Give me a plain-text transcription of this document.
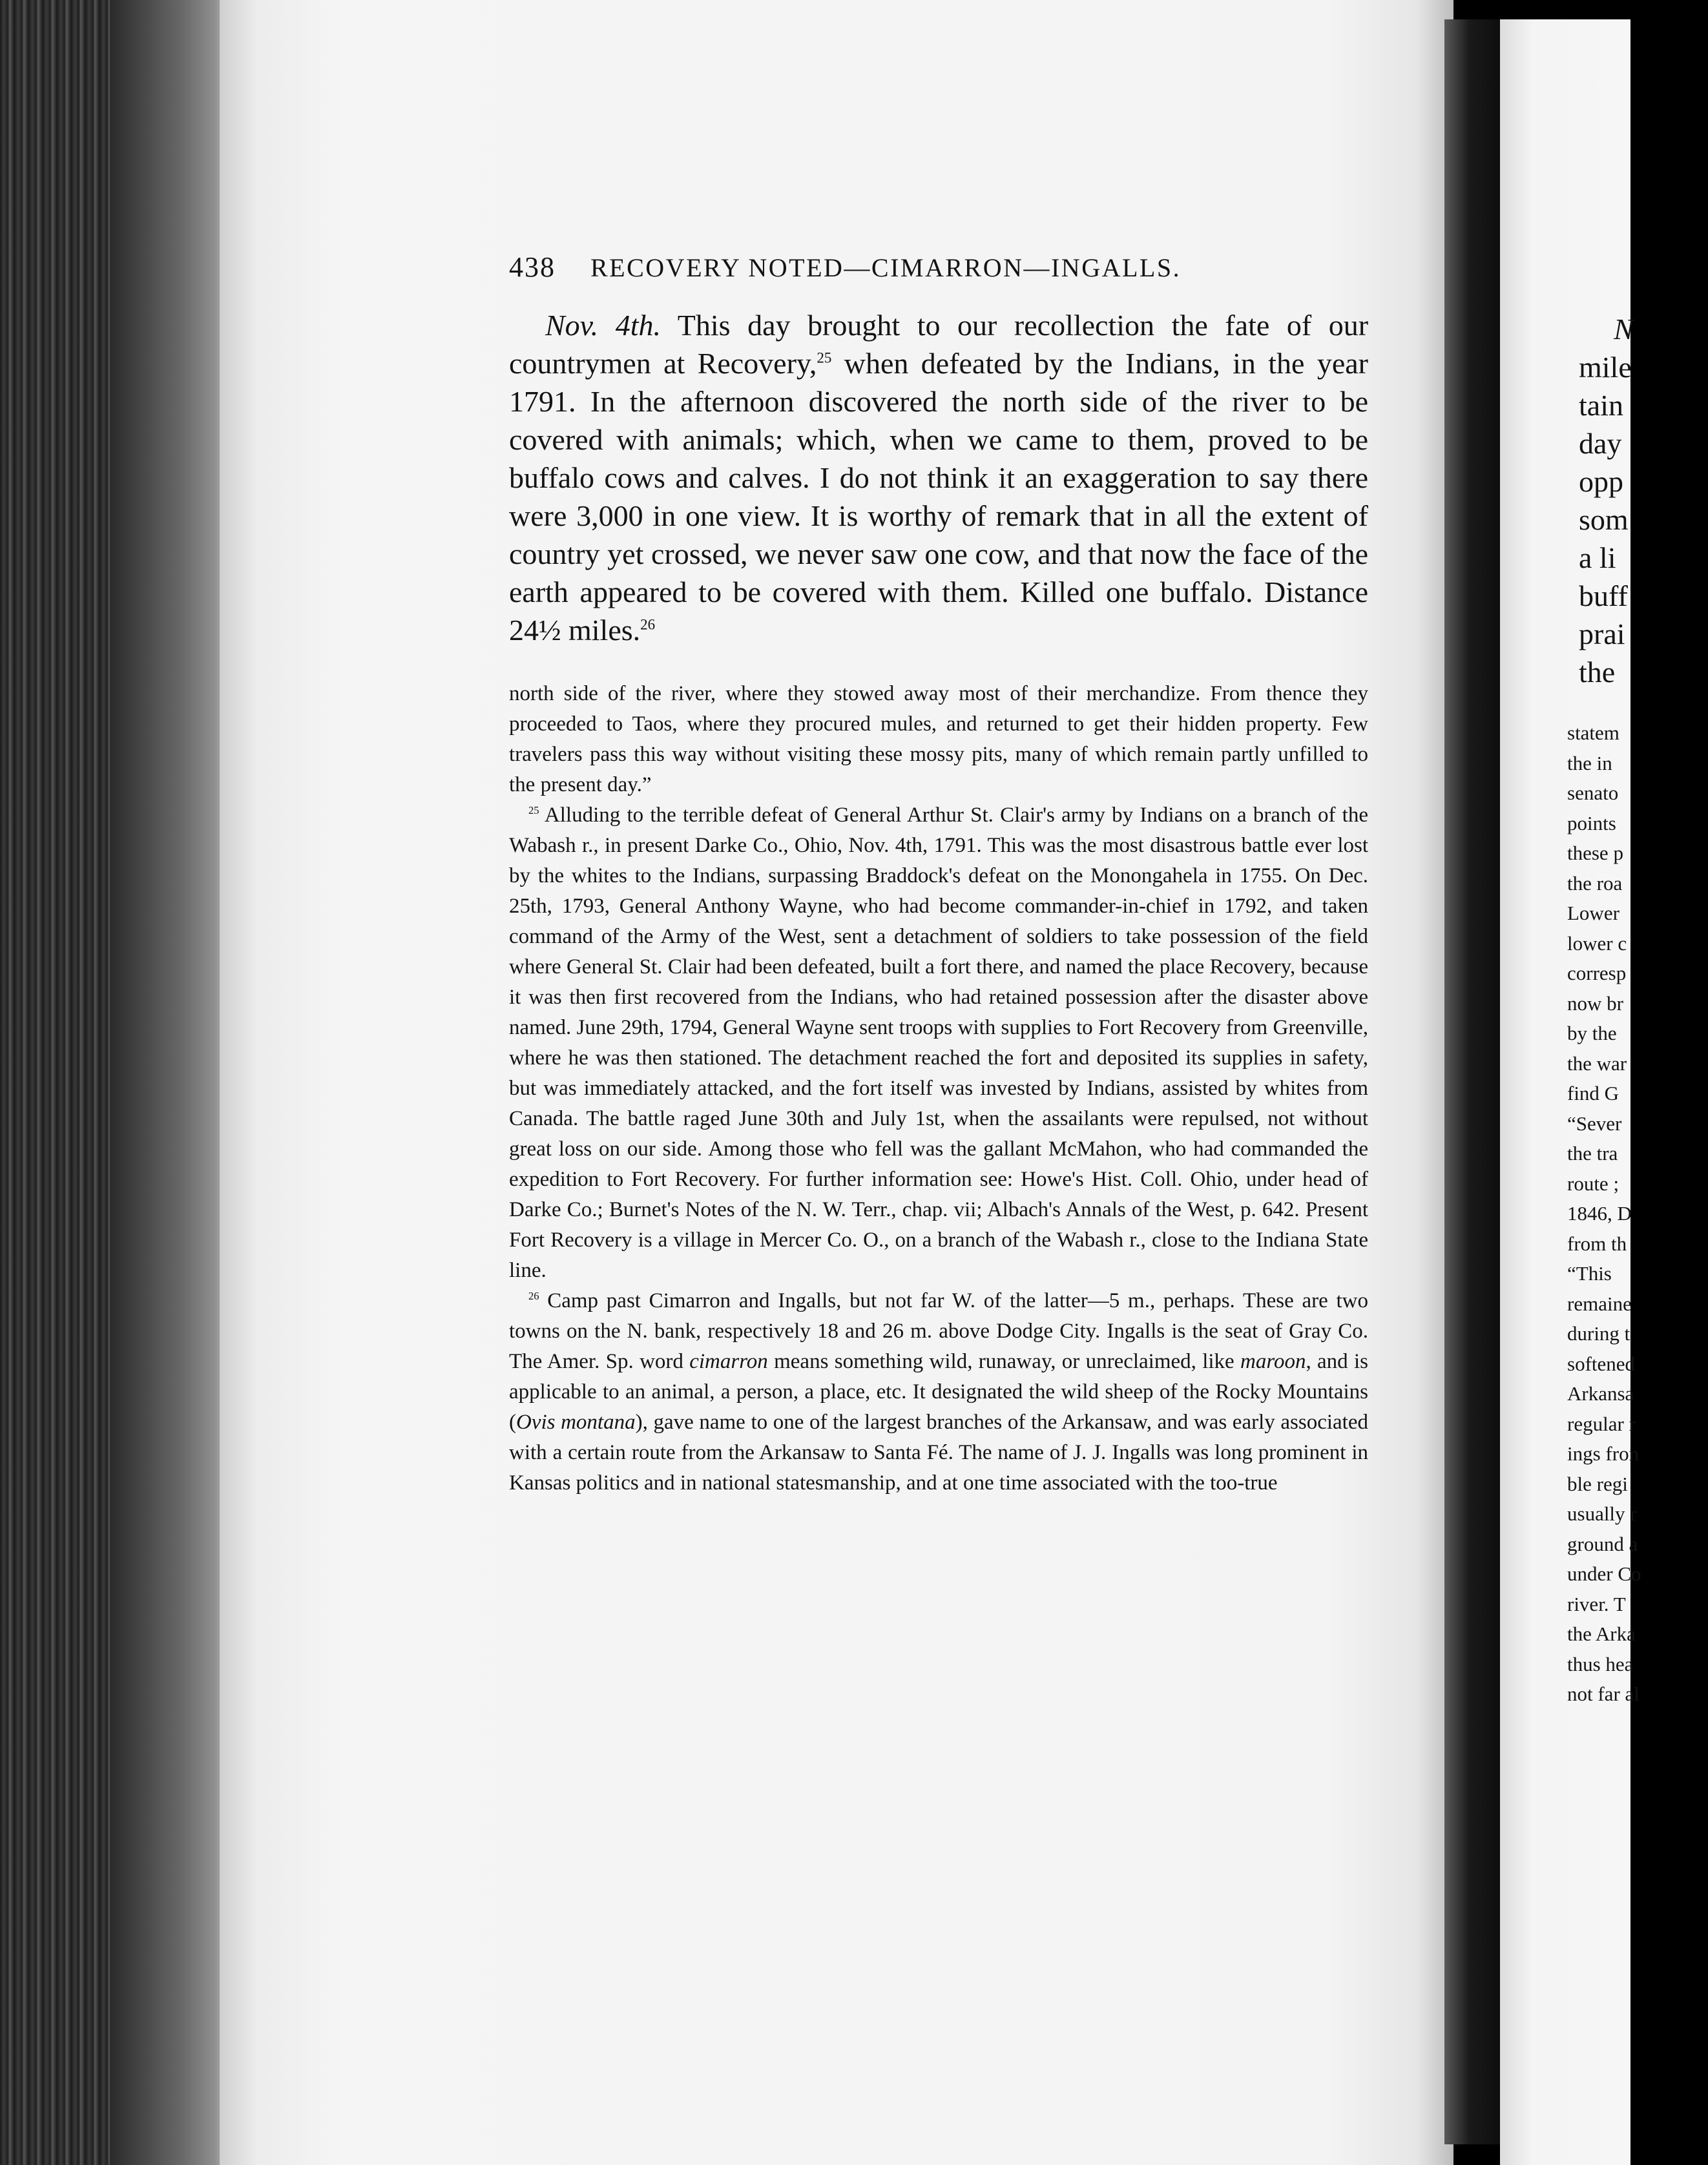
438 RECOVERY NOTED—CIMARRON—INGALLS.

Nov. 4th. This day brought to our recollection the fate of our countrymen at Recovery,$^{25}$ when defeated by the Indians, in the year 1791. In the afternoon discovered the north side of the river to be covered with animals; which, when we came to them, proved to be buffalo cows and calves. I do not think it an exaggeration to say there were 3,000 in one view. It is worthy of remark that in all the extent of country yet crossed, we never saw one cow, and that now the face of the earth appeared to be covered with them. Killed one buffalo. Distance 24½ miles.$^{26}$

north side of the river, where they stowed away most of their merchandize. From thence they proceeded to Taos, where they procured mules, and returned to get their hidden property. Few travelers pass this way without visiting these mossy pits, many of which remain partly unfilled to the present day.”

$^{25}$ Alluding to the terrible defeat of General Arthur St. Clair's army by Indians on a branch of the Wabash r., in present Darke Co., Ohio, Nov. 4th, 1791. This was the most disastrous battle ever lost by the whites to the Indians, surpassing Braddock's defeat on the Monongahela in 1755. On Dec. 25th, 1793, General Anthony Wayne, who had become commander-in-chief in 1792, and taken command of the Army of the West, sent a detachment of soldiers to take possession of the field where General St. Clair had been defeated, built a fort there, and named the place Recovery, because it was then first recovered from the Indians, who had retained possession after the disaster above named. June 29th, 1794, General Wayne sent troops with supplies to Fort Recovery from Greenville, where he was then stationed. The detachment reached the fort and deposited its supplies in safety, but was immediately attacked, and the fort itself was invested by Indians, assisted by whites from Canada. The battle raged June 30th and July 1st, when the assailants were repulsed, not without great loss on our side. Among those who fell was the gallant McMahon, who had commanded the expedition to Fort Recovery. For further information see: Howe's Hist. Coll. Ohio, under head of Darke Co.; Burnet's Notes of the N. W. Terr., chap. vii; Albach's Annals of the West, p. 642. Present Fort Recovery is a village in Mercer Co. O., on a branch of the Wabash r., close to the Indiana State line.

$^{26}$ Camp past Cimarron and Ingalls, but not far W. of the latter—5 m., perhaps. These are two towns on the N. bank, respectively 18 and 26 m. above Dodge City. Ingalls is the seat of Gray Co. The Amer. Sp. word cimarron means something wild, runaway, or unreclaimed, like maroon, and is applicable to an animal, a person, a place, etc. It designated the wild sheep of the Rocky Mountains (Ovis montana), gave name to one of the largest branches of the Arkansaw, and was early associated with a certain route from the Arkansaw to Santa Fé. The name of J. J. Ingalls was long prominent in Kansas politics and in national statesmanship, and at one time associated with the too-true

N
mile
tain
day
opp
som
a li
buff
prai
the
statem
the in
senato
points
these p
the roa
Lower
lower c
corresp
now br
by the
the war
find G
“Sever
the tra
route ;
1846, D
from th
“This
remaine
during t
softened
Arkansa
regular r
ings fron
ble regi
usually r
ground a
under Co
river. T
the Arka
thus hea
not far al
